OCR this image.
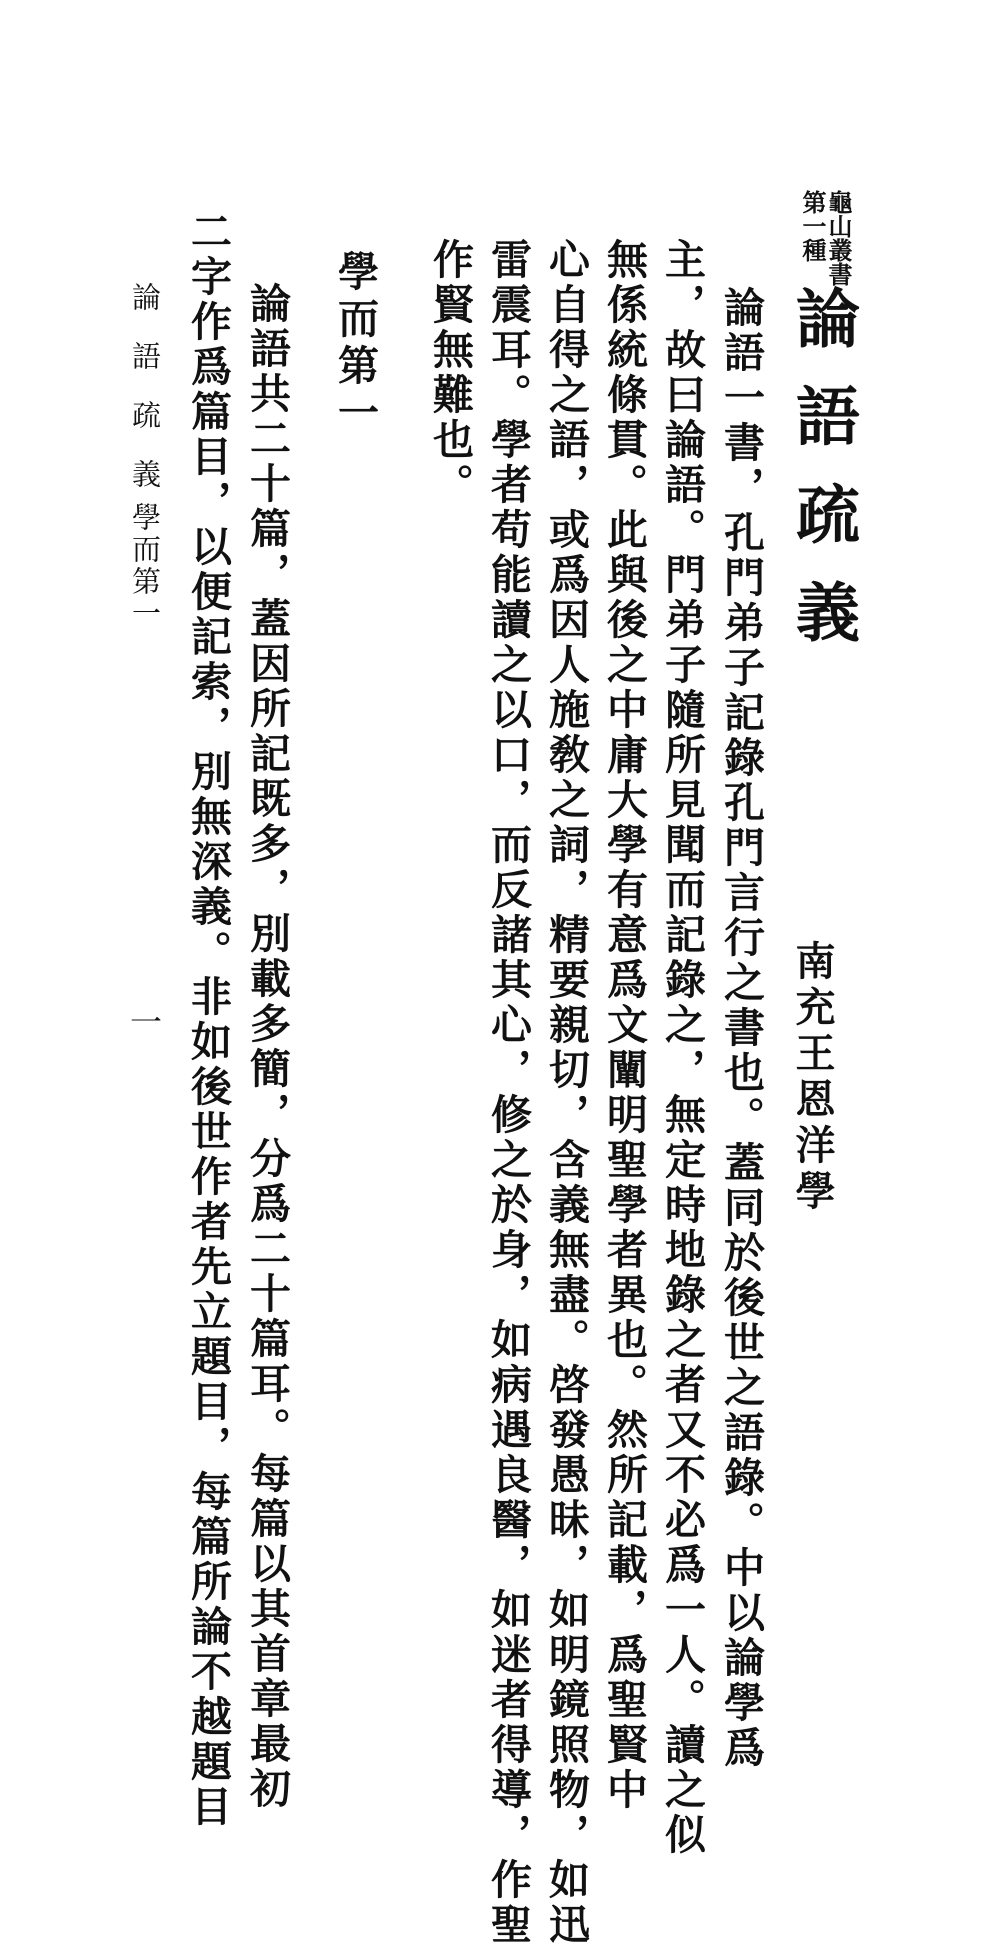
龜山叢書
第一種
論語疏義
南充王恩洋學
論語一書，孔門弟子記錄孔門言行之書也。蓋同於後世之語錄。中以論學爲
主，故曰論語。門弟子隨所見聞而記錄之，無定時地錄之者又不必爲一人。讀之似
無係統條貫。此與後之中庸大學有意爲文闡明聖學者異也。然所記載，爲聖賢中
心自得之語，或爲因人施敎之詞，精要親切，含義無盡。啓發愚昧，如明鏡照物，如迅
雷震耳。學者苟能讀之以口，而反諸其心，修之於身，如病遇良醫，如迷者得導，作聖
作賢無難也。
學而第一
論語共二十篇，蓋因所記既多，別載多簡，分爲二十篇耳。每篇以其首章最初
二字作爲篇目，以便記索，別無深義。非如後世作者先立題目，每篇所論不越題目
論語疏義
學而第一
一
